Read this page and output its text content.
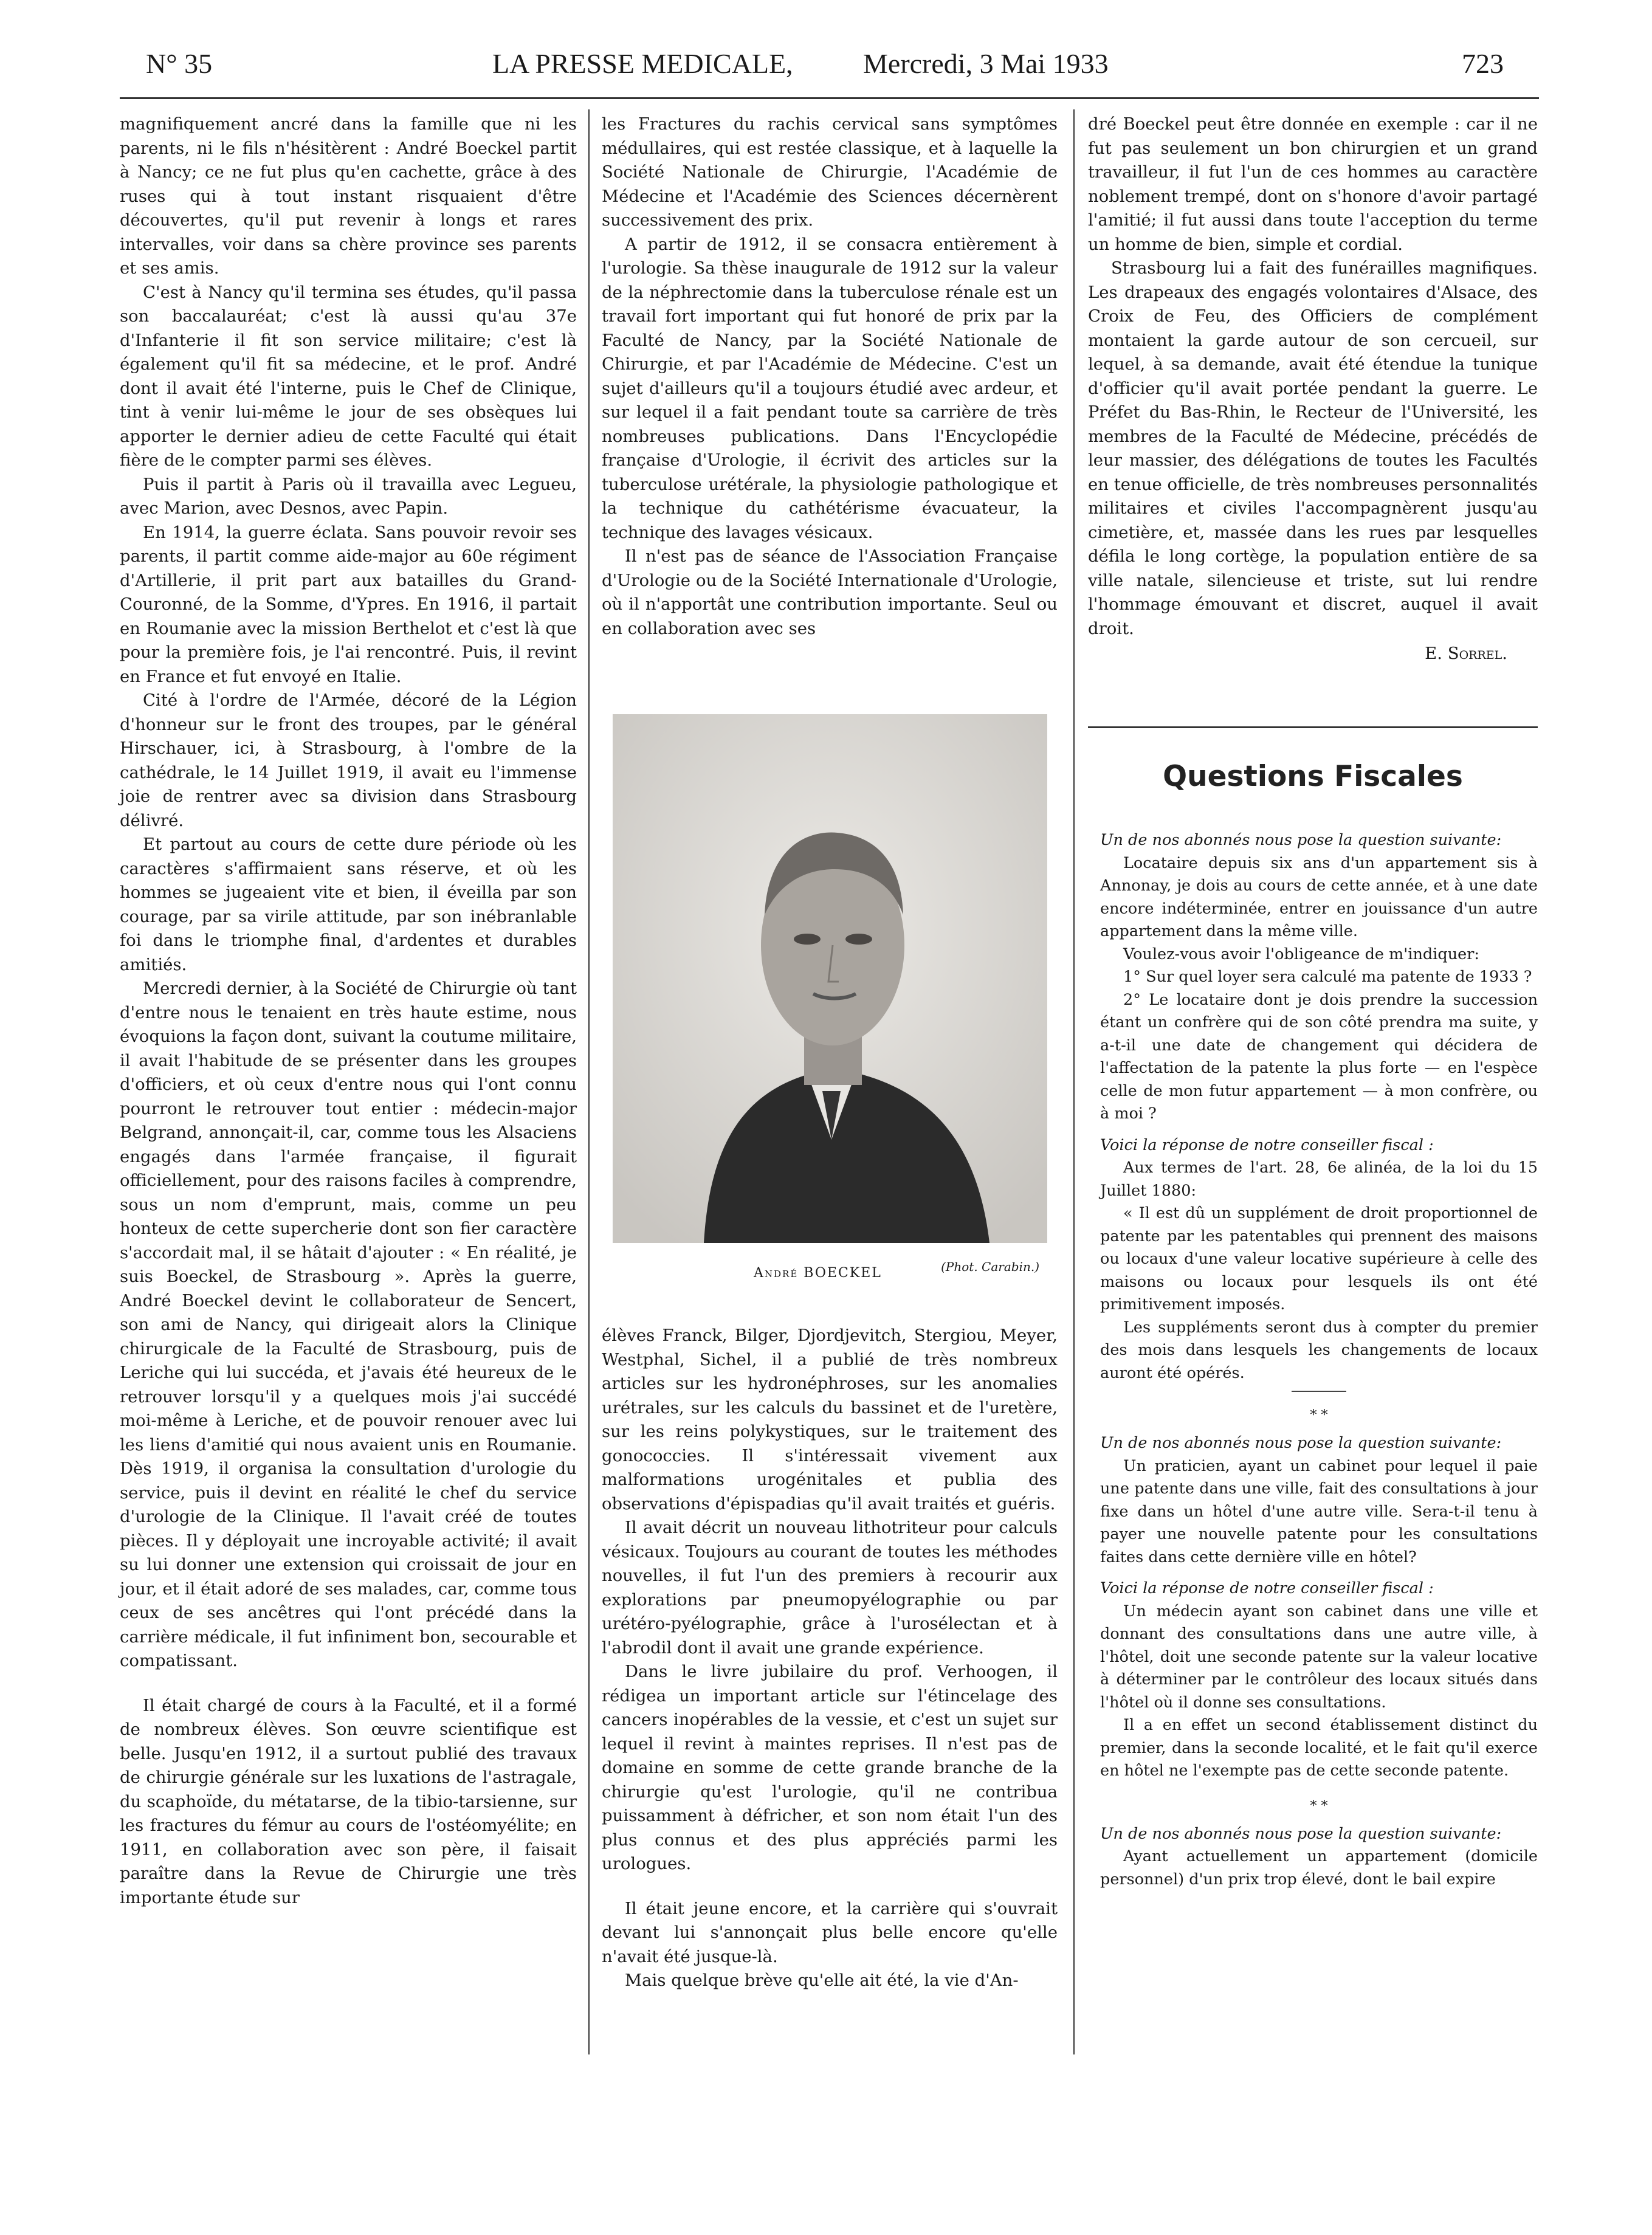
N° 35	LA PRESSE MEDICALE,	Mercredi, 3 Mai 1933	723

magnifiquement ancré dans la famille que ni les parents, ni le fils n'hésitèrent : André Boeckel partit à Nancy; ce ne fut plus qu'en cachette, grâce à des ruses qui à tout instant risquaient d'être découvertes, qu'il put revenir à longs et rares intervalles, voir dans sa chère province ses parents et ses amis.

C'est à Nancy qu'il termina ses études, qu'il passa son baccalauréat; c'est là aussi qu'au 37e d'Infanterie il fit son service militaire; c'est là également qu'il fit sa médecine, et le prof. André dont il avait été l'interne, puis le Chef de Clinique, tint à venir lui-même le jour de ses obsèques lui apporter le dernier adieu de cette Faculté qui était fière de le compter parmi ses élèves.

Puis il partit à Paris où il travailla avec Legueu, avec Marion, avec Desnos, avec Papin.

En 1914, la guerre éclata. Sans pouvoir revoir ses parents, il partit comme aide-major au 60e régiment d'Artillerie, il prit part aux batailles du Grand-Couronné, de la Somme, d'Ypres. En 1916, il partait en Roumanie avec la mission Berthelot et c'est là que pour la première fois, je l'ai rencontré. Puis, il revint en France et fut envoyé en Italie.

Cité à l'ordre de l'Armée, décoré de la Légion d'honneur sur le front des troupes, par le général Hirschauer, ici, à Strasbourg, à l'ombre de la cathédrale, le 14 Juillet 1919, il avait eu l'immense joie de rentrer avec sa division dans Strasbourg délivré.

Et partout au cours de cette dure période où les caractères s'affirmaient sans réserve, et où les hommes se jugeaient vite et bien, il éveilla par son courage, par sa virile attitude, par son inébranlable foi dans le triomphe final, d'ardentes et durables amitiés.

Mercredi dernier, à la Société de Chirurgie où tant d'entre nous le tenaient en très haute estime, nous évoquions la façon dont, suivant la coutume militaire, il avait l'habitude de se présenter dans les groupes d'officiers, et où ceux d'entre nous qui l'ont connu pourront le retrouver tout entier : médecin-major Belgrand, annonçait-il, car, comme tous les Alsaciens engagés dans l'armée française, il figurait officiellement, pour des raisons faciles à comprendre, sous un nom d'emprunt, mais, comme un peu honteux de cette supercherie dont son fier caractère s'accordait mal, il se hâtait d'ajouter : « En réalité, je suis Boeckel, de Strasbourg ». Après la guerre, André Boeckel devint le collaborateur de Sencert, son ami de Nancy, qui dirigeait alors la Clinique chirurgicale de la Faculté de Strasbourg, puis de Leriche qui lui succéda, et j'avais été heureux de le retrouver lorsqu'il y a quelques mois j'ai succédé moi-même à Leriche, et de pouvoir renouer avec lui les liens d'amitié qui nous avaient unis en Roumanie. Dès 1919, il organisa la consultation d'urologie du service, puis il devint en réalité le chef du service d'urologie de la Clinique. Il l'avait créé de toutes pièces. Il y déployait une incroyable activité; il avait su lui donner une extension qui croissait de jour en jour, et il était adoré de ses malades, car, comme tous ceux de ses ancêtres qui l'ont précédé dans la carrière médicale, il fut infiniment bon, secourable et compatissant.

Il était chargé de cours à la Faculté, et il a formé de nombreux élèves. Son œuvre scientifique est belle. Jusqu'en 1912, il a surtout publié des travaux de chirurgie générale sur les luxations de l'astragale, du scaphoïde, du métatarse, de la tibio-tarsienne, sur les fractures du fémur au cours de l'ostéomyélite; en 1911, en collaboration avec son père, il faisait paraître dans la Revue de Chirurgie une très importante étude sur

les Fractures du rachis cervical sans symptômes médullaires, qui est restée classique, et à laquelle la Société Nationale de Chirurgie, l'Académie de Médecine et l'Académie des Sciences décernèrent successivement des prix.

A partir de 1912, il se consacra entièrement à l'urologie. Sa thèse inaugurale de 1912 sur la valeur de la néphrectomie dans la tuberculose rénale est un travail fort important qui fut honoré de prix par la Faculté de Nancy, par la Société Nationale de Chirurgie, et par l'Académie de Médecine. C'est un sujet d'ailleurs qu'il a toujours étudié avec ardeur, et sur lequel il a fait pendant toute sa carrière de très nombreuses publications. Dans l'Encyclopédie française d'Urologie, il écrivit des articles sur la tuberculose urétérale, la physiologie pathologique et la technique du cathétérisme évacuateur, la technique des lavages vésicaux.

Il n'est pas de séance de l'Association Française d'Urologie ou de la Société Internationale d'Urologie, où il n'apportât une contribution importante. Seul ou en collaboration avec ses

André BOECKEL	(Phot. Carabin.)

élèves Franck, Bilger, Djordjevitch, Stergiou, Meyer, Westphal, Sichel, il a publié de très nombreux articles sur les hydronéphroses, sur les anomalies urétrales, sur les calculs du bassinet et de l'uretère, sur les reins polykystiques, sur le traitement des gonococcies. Il s'intéressait vivement aux malformations urogénitales et publia des observations d'épispadias qu'il avait traités et guéris.

Il avait décrit un nouveau lithotriteur pour calculs vésicaux. Toujours au courant de toutes les méthodes nouvelles, il fut l'un des premiers à recourir aux explorations par pneumopyélographie ou par urétéro-pyélographie, grâce à l'urosélectan et à l'abrodil dont il avait une grande expérience.

Dans le livre jubilaire du prof. Verhoogen, il rédigea un important article sur l'étincelage des cancers inopérables de la vessie, et c'est un sujet sur lequel il revint à maintes reprises. Il n'est pas de domaine en somme de cette grande branche de la chirurgie qu'est l'urologie, qu'il ne contribua puissamment à défricher, et son nom était l'un des plus connus et des plus appréciés parmi les urologues.

Il était jeune encore, et la carrière qui s'ouvrait devant lui s'annonçait plus belle encore qu'elle n'avait été jusque-là.

Mais quelque brève qu'elle ait été, la vie d'An-

dré Boeckel peut être donnée en exemple : car il ne fut pas seulement un bon chirurgien et un grand travailleur, il fut l'un de ces hommes au caractère noblement trempé, dont on s'honore d'avoir partagé l'amitié; il fut aussi dans toute l'acception du terme un homme de bien, simple et cordial.

Strasbourg lui a fait des funérailles magnifiques. Les drapeaux des engagés volontaires d'Alsace, des Croix de Feu, des Officiers de complément montaient la garde autour de son cercueil, sur lequel, à sa demande, avait été étendue la tunique d'officier qu'il avait portée pendant la guerre. Le Préfet du Bas-Rhin, le Recteur de l'Université, les membres de la Faculté de Médecine, précédés de leur massier, des délégations de toutes les Facultés en tenue officielle, de très nombreuses personnalités militaires et civiles l'accompagnèrent jusqu'au cimetière, et, massée dans les rues par lesquelles défila le long cortège, la population entière de sa ville natale, silencieuse et triste, sut lui rendre l'hommage émouvant et discret, auquel il avait droit.

E. Sorrel.

Questions Fiscales

Un de nos abonnés nous pose la question suivante:

Locataire depuis six ans d'un appartement sis à Annonay, je dois au cours de cette année, et à une date encore indéterminée, entrer en jouissance d'un autre appartement dans la même ville.

Voulez-vous avoir l'obligeance de m'indiquer:

1° Sur quel loyer sera calculé ma patente de 1933 ?

2° Le locataire dont je dois prendre la succession étant un confrère qui de son côté prendra ma suite, y a-t-il une date de changement qui décidera de l'affectation de la patente la plus forte — en l'espèce celle de mon futur appartement — à mon confrère, ou à moi ?

Voici la réponse de notre conseiller fiscal :

Aux termes de l'art. 28, 6e alinéa, de la loi du 15 Juillet 1880:

« Il est dû un supplément de droit proportionnel de patente par les patentables qui prennent des maisons ou locaux d'une valeur locative supérieure à celle des maisons ou locaux pour lesquels ils ont été primitivement imposés.

Les suppléments seront dus à compter du premier des mois dans lesquels les changements de locaux auront été opérés.

* *

Un de nos abonnés nous pose la question suivante:

Un praticien, ayant un cabinet pour lequel il paie une patente dans une ville, fait des consultations à jour fixe dans un hôtel d'une autre ville. Sera-t-il tenu à payer une nouvelle patente pour les consultations faites dans cette dernière ville en hôtel?

Voici la réponse de notre conseiller fiscal :

Un médecin ayant son cabinet dans une ville et donnant des consultations dans une autre ville, à l'hôtel, doit une seconde patente sur la valeur locative à déterminer par le contrôleur des locaux situés dans l'hôtel où il donne ses consultations.

Il a en effet un second établissement distinct du premier, dans la seconde localité, et le fait qu'il exerce en hôtel ne l'exempte pas de cette seconde patente.

* *

Un de nos abonnés nous pose la question suivante:

Ayant actuellement un appartement (domicile personnel) d'un prix trop élevé, dont le bail expire
